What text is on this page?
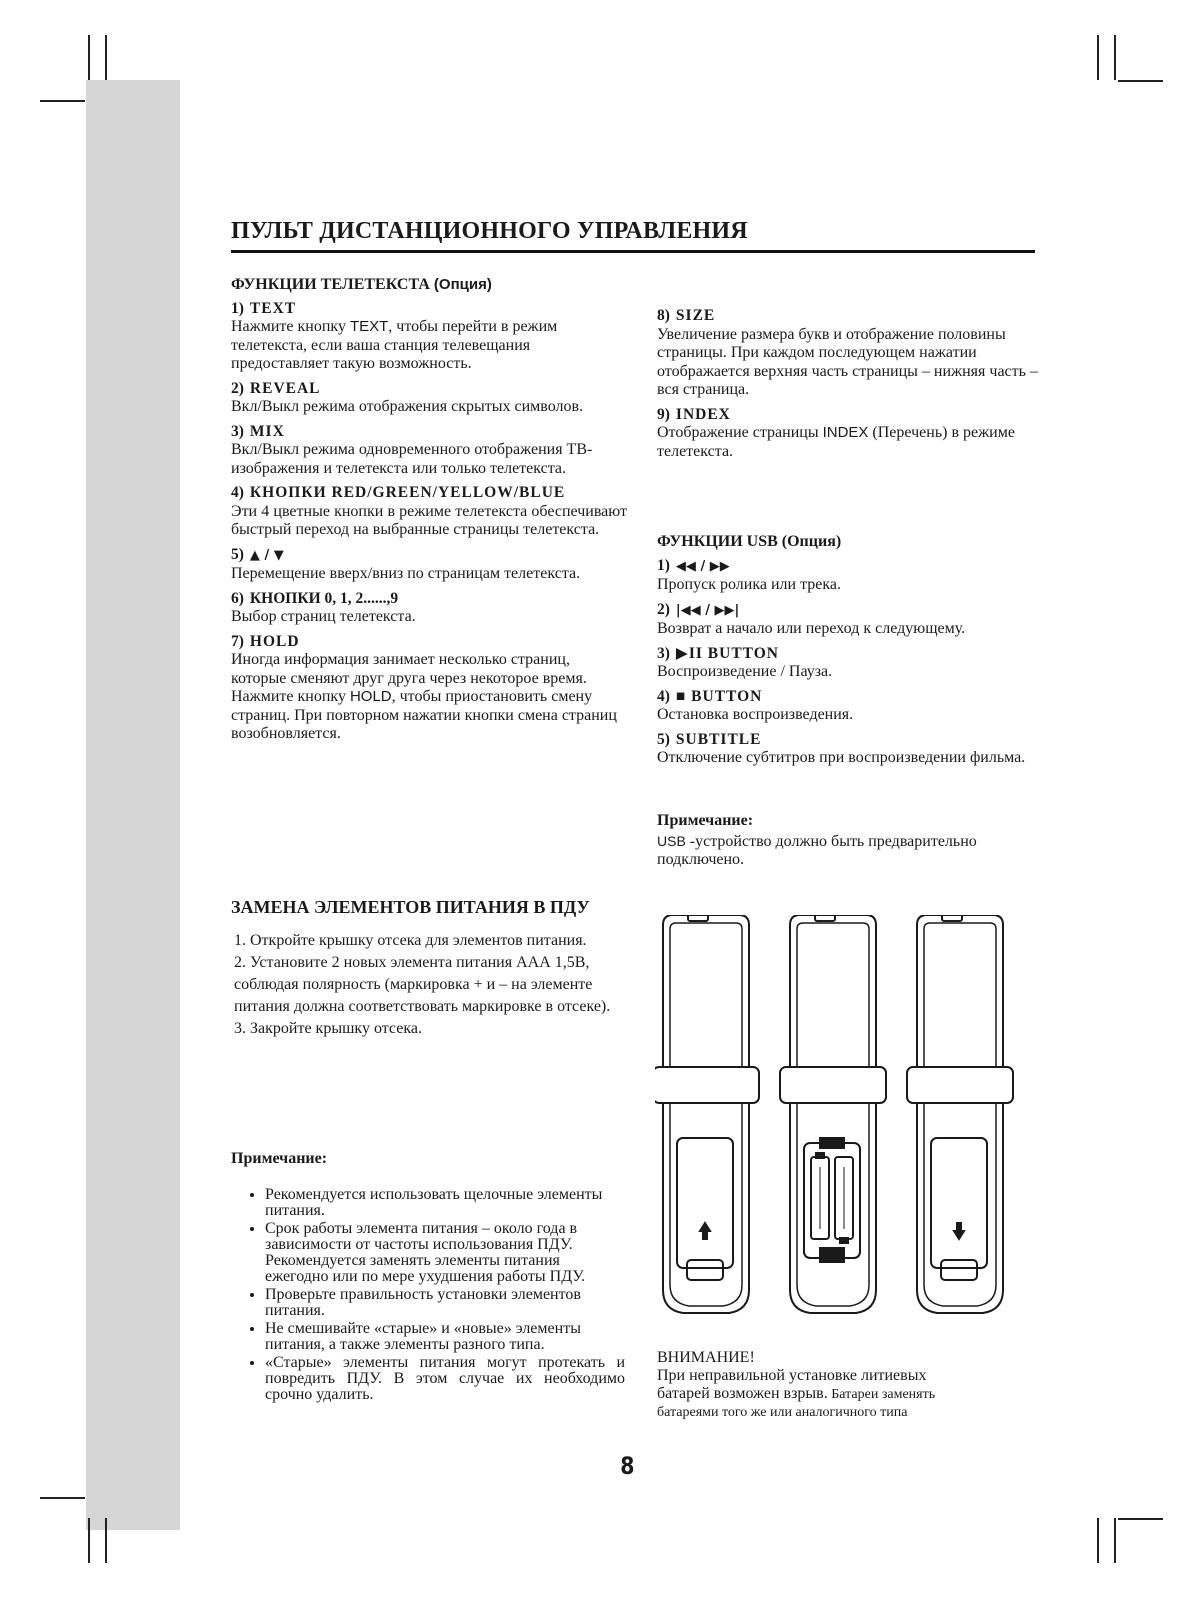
ПУЛЬТ ДИСТАНЦИОННОГО УПРАВЛЕНИЯ
ФУНКЦИИ ТЕЛЕТЕКСТА (Опция)
1) TEXT
Нажмите кнопку TEXT, чтобы перейти в режим телетекста, если ваша станция телевещания предоставляет такую возможность.
2) REVEAL
Вкл/Выкл режима отображения скрытых символов.
3) MIX
Вкл/Выкл режима одновременного отображения ТВ-изображения и телетекста или только телетекста.
4) КНОПКИ RED/GREEN/YELLOW/BLUE
Эти 4 цветные кнопки в режиме телетекста обеспечивают быстрый переход на выбранные страницы телетекста.
5) ▲ / ▼
Перемещение вверх/вниз по страницам телетекста.
6) КНОПКИ 0, 1, 2......,9
Выбор страниц телетекста.
7) HOLD
Иногда информация занимает несколько страниц, которые сменяют друг друга через некоторое время. Нажмите кнопку HOLD, чтобы приостановить смену страниц. При повторном нажатии кнопки смена страниц возобновляется.
8) SIZE
Увеличение размера букв и отображение половины страницы. При каждом последующем нажатии отображается верхняя часть страницы – нижняя часть – вся страница.
9) INDEX
Отображение страницы INDEX (Перечень) в режиме телетекста.
ФУНКЦИИ USB (Опция)
1) ◀◀ / ▶▶
Пропуск ролика или трека.
2) |◀◀ / ▶▶|
Возврат а начало или переход к следующему.
3) ▶II BUTTON
Воспроизведение / Пауза.
4) ■ BUTTON
Остановка воспроизведения.
5) SUBTITLE
Отключение субтитров при воспроизведении фильма.
Примечание:
USB -устройство должно быть предварительно подключено.
ЗАМЕНА ЭЛЕМЕНТОВ ПИТАНИЯ В ПДУ
1. Откройте крышку отсека для элементов питания.
2. Установите 2 новых элемента питания ААА 1,5В, соблюдая полярность (маркировка + и – на элементе питания должна соответствовать маркировке в отсеке).
3. Закройте крышку отсека.
Примечание:
• Рекомендуется использовать щелочные элементы питания.
• Срок работы элемента питания – около года в зависимости от частоты использования ПДУ. Рекомендуется заменять элементы питания ежегодно или по мере ухудшения работы ПДУ.
• Проверьте правильность установки элементов питания.
• Не смешивайте «старые» и «новые» элементы питания, а также элементы разного типа.
• «Старые» элементы питания могут протекать и повредить ПДУ. В этом случае их необходимо срочно удалить.
ВНИМАНИЕ!
При неправильной установке литиевых
батарей возможен взрыв. Батареи заменять
батареями того же или аналогичного типа
8
